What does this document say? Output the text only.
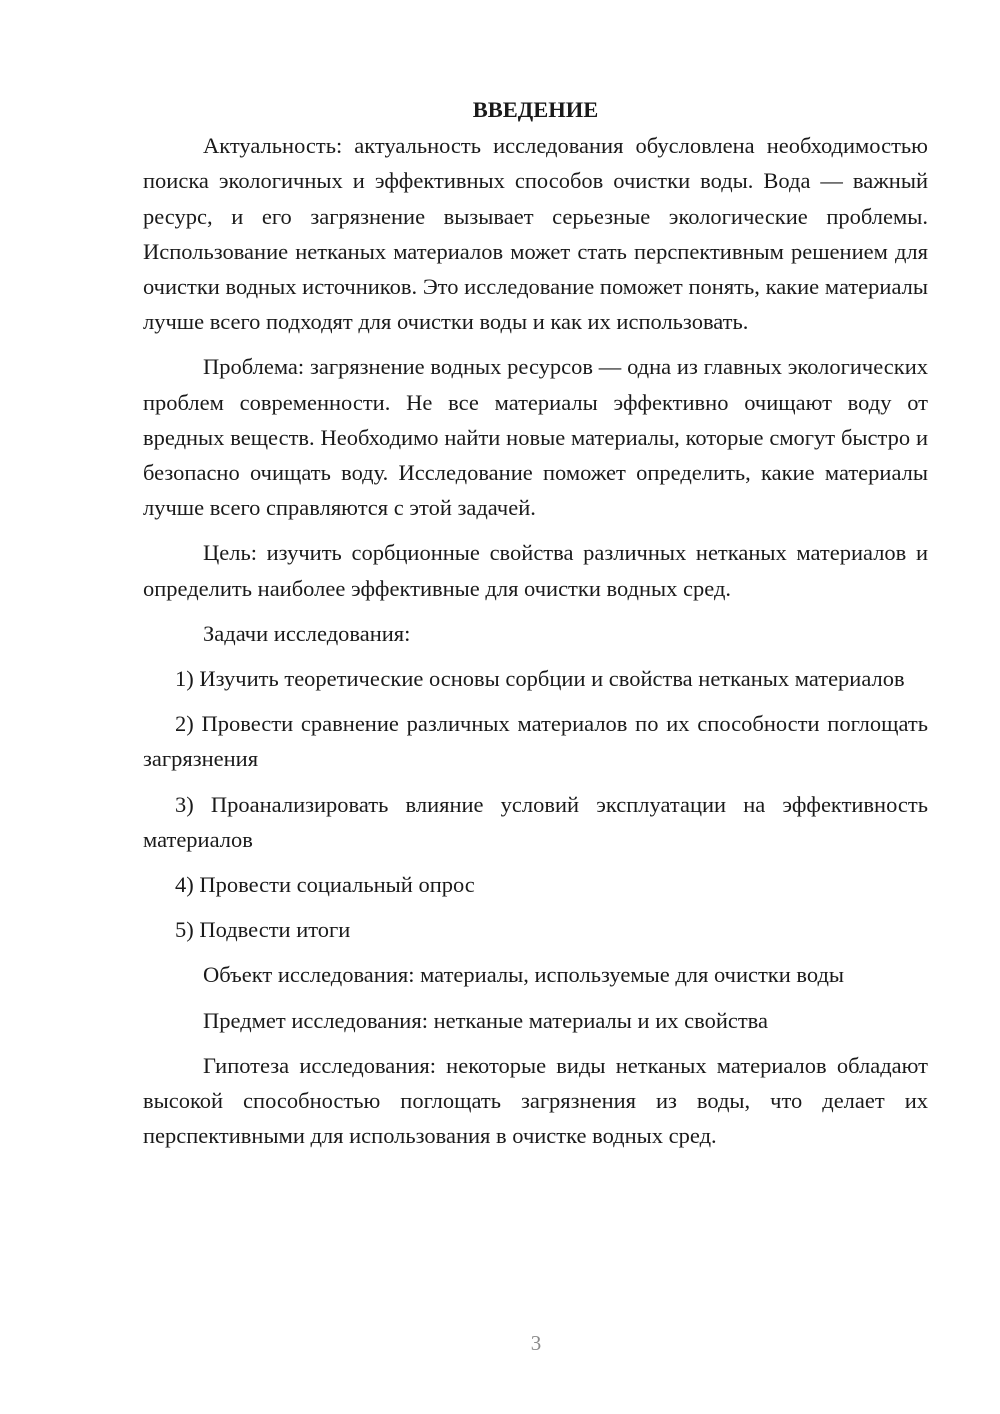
ВВЕДЕНИЕ

Актуальность: актуальность исследования обусловлена необходимостью поиска экологичных и эффективных способов очистки воды. Вода — важный ресурс, и его загрязнение вызывает серьезные экологические проблемы. Использование нетканых материалов может стать перспективным решением для очистки водных источников. Это исследование поможет понять, какие материалы лучше всего подходят для очистки воды и как их использовать.

Проблема: загрязнение водных ресурсов — одна из главных экологических проблем современности. Не все материалы эффективно очищают воду от вредных веществ. Необходимо найти новые материалы, которые смогут быстро и безопасно очищать воду. Исследование поможет определить, какие материалы лучше всего справляются с этой задачей.

Цель: изучить сорбционные свойства различных нетканых материалов и определить наиболее эффективные для очистки водных сред.

Задачи исследования:

1) Изучить теоретические основы сорбции и свойства нетканых материалов

2) Провести сравнение различных материалов по их способности поглощать загрязнения

3) Проанализировать влияние условий эксплуатации на эффективность материалов

4) Провести социальный опрос

5) Подвести итоги

Объект исследования: материалы, используемые для очистки воды

Предмет исследования: нетканые материалы и их свойства

Гипотеза исследования: некоторые виды нетканых материалов обладают высокой способностью поглощать загрязнения из воды, что делает их перспективными для использования в очистке водных сред.

3
